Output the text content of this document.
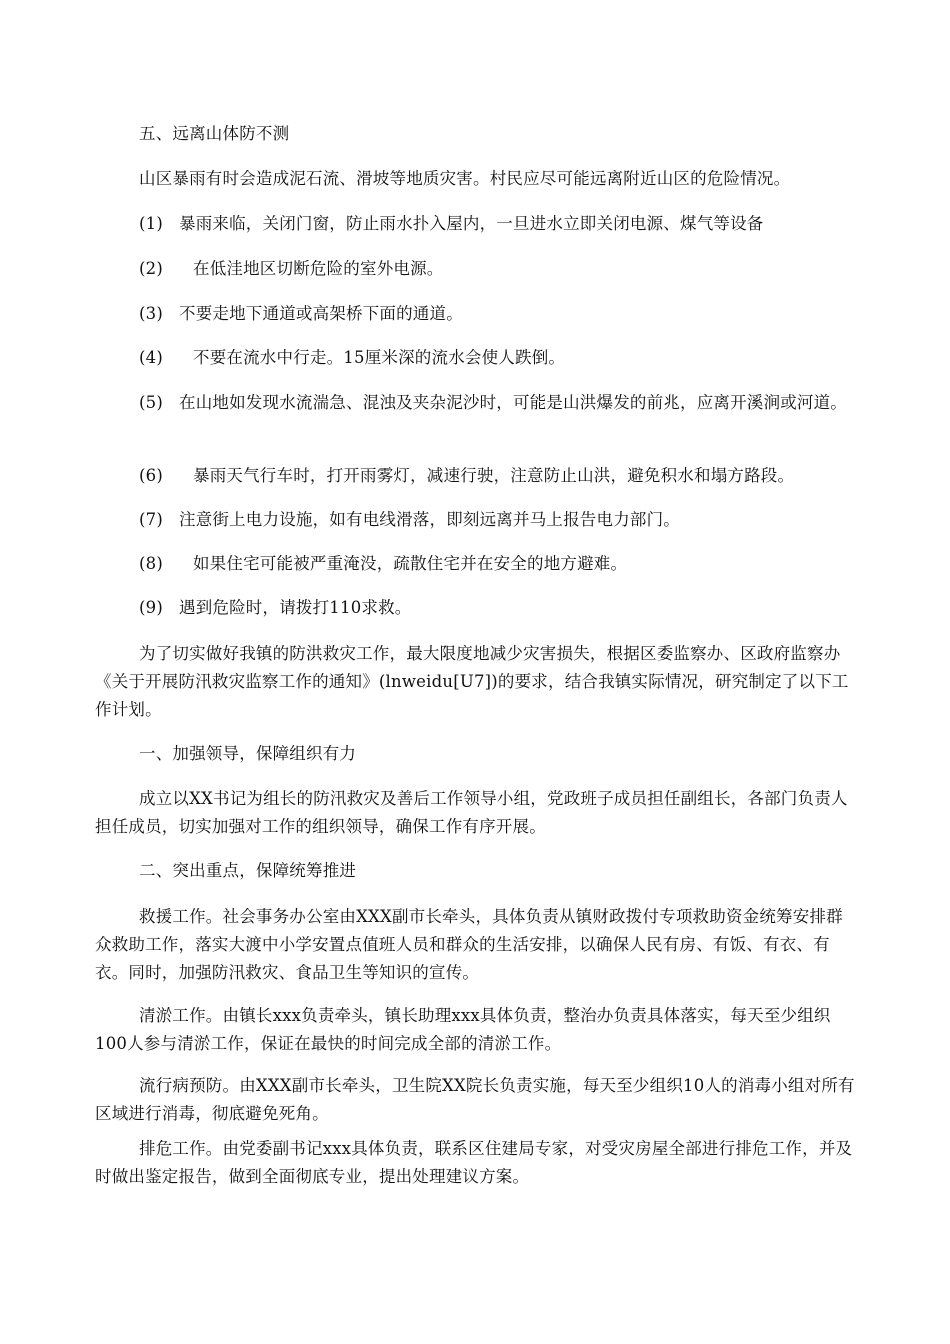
五、远离山体防不测
山区暴雨有时会造成泥石流、滑坡等地质灾害。村民应尽可能远离附近山区的危险情况。
(1) 暴雨来临，关闭门窗，防止雨水扑入屋内，一旦进水立即关闭电源、煤气等设备
(2) 在低洼地区切断危险的室外电源。
(3) 不要走地下通道或高架桥下面的通道。
(4) 不要在流水中行走。15厘米深的流水会使人跌倒。
(5) 在山地如发现水流湍急、混浊及夹杂泥沙时，可能是山洪爆发的前兆，应离开溪涧或河道。
(6) 暴雨天气行车时，打开雨雾灯，减速行驶，注意防止山洪，避免积水和塌方路段。
(7) 注意街上电力设施，如有电线滑落，即刻远离并马上报告电力部门。
(8) 如果住宅可能被严重淹没，疏散住宅并在安全的地方避难。
(9) 遇到危险时，请拨打110求救。
为了切实做好我镇的防洪救灾工作，最大限度地减少灾害损失，根据区委监察办、区政府监察办《关于开展防汛救灾监察工作的通知》(lnweidu[U7])的要求，结合我镇实际情况，研究制定了以下工作计划。
一、加强领导，保障组织有力
成立以XX书记为组长的防汛救灾及善后工作领导小组，党政班子成员担任副组长，各部门负责人担任成员，切实加强对工作的组织领导，确保工作有序开展。
二、突出重点，保障统筹推进
救援工作。社会事务办公室由XXX副市长牵头，具体负责从镇财政拨付专项救助资金统筹安排群众救助工作，落实大渡中小学安置点值班人员和群众的生活安排，以确保人民有房、有饭、有衣、有衣。同时，加强防汛救灾、食品卫生等知识的宣传。
清淤工作。由镇长xxx负责牵头，镇长助理xxx具体负责，整治办负责具体落实，每天至少组织100人参与清淤工作，保证在最快的时间完成全部的清淤工作。
流行病预防。由XXX副市长牵头，卫生院XX院长负责实施，每天至少组织10人的消毒小组对所有区域进行消毒，彻底避免死角。
排危工作。由党委副书记xxx具体负责，联系区住建局专家，对受灾房屋全部进行排危工作，并及时做出鉴定报告，做到全面彻底专业，提出处理建议方案。
